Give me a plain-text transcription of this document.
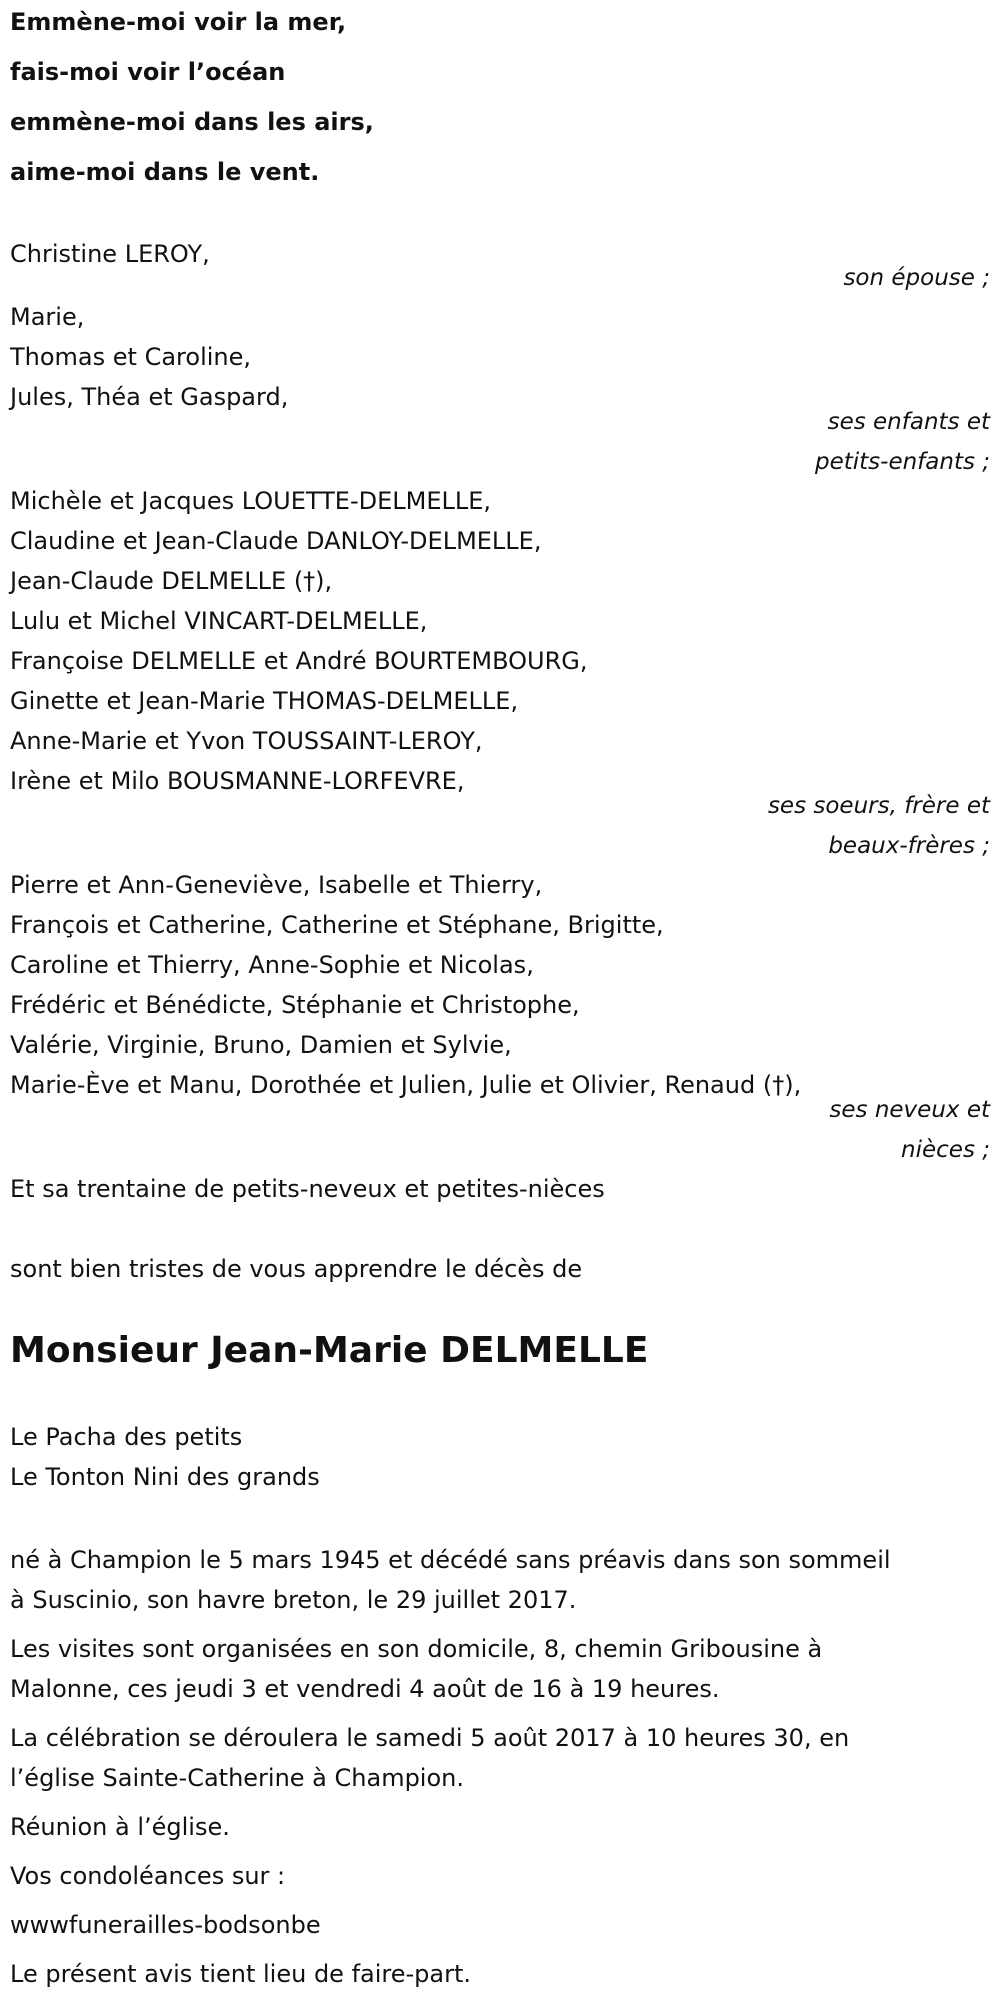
Emmène-moi voir la mer,

fais-moi voir l’océan

emmène-moi dans les airs,

aime-moi dans le vent.

Christine LEROY,

son épouse ;

Marie,

Thomas et Caroline,

Jules, Théa et Gaspard,

ses enfants et

petits-enfants ;

Michèle et Jacques LOUETTE-DELMELLE,

Claudine et Jean-Claude DANLOY-DELMELLE,

Jean-Claude DELMELLE (†),

Lulu et Michel VINCART-DELMELLE,

Françoise DELMELLE et André BOURTEMBOURG,

Ginette et Jean-Marie THOMAS-DELMELLE,

Anne-Marie et Yvon TOUSSAINT-LEROY,

Irène et Milo BOUSMANNE-LORFEVRE,

ses soeurs, frère et

beaux-frères ;

Pierre et Ann-Geneviève, Isabelle et Thierry,

François et Catherine, Catherine et Stéphane, Brigitte,

Caroline et Thierry, Anne-Sophie et Nicolas,

Frédéric et Bénédicte, Stéphanie et Christophe,

Valérie, Virginie, Bruno, Damien et Sylvie,

Marie-Ève et Manu, Dorothée et Julien, Julie et Olivier, Renaud (†),

ses neveux et

nièces ;

Et sa trentaine de petits-neveux et petites-nièces

sont bien tristes de vous apprendre le décès de

Monsieur Jean-Marie DELMELLE

Le Pacha des petits

Le Tonton Nini des grands

né à Champion le 5 mars 1945 et décédé sans préavis dans son sommeil

à Suscinio, son havre breton, le 29 juillet 2017.

Les visites sont organisées en son domicile, 8, chemin Gribousine à

Malonne, ces jeudi 3 et vendredi 4 août de 16 à 19 heures.

La célébration se déroulera le samedi 5 août 2017 à 10 heures 30, en

l’église Sainte-Catherine à Champion.

Réunion à l’église.

Vos condoléances sur :

wwwfunerailles-bodsonbe

Le présent avis tient lieu de faire-part.
